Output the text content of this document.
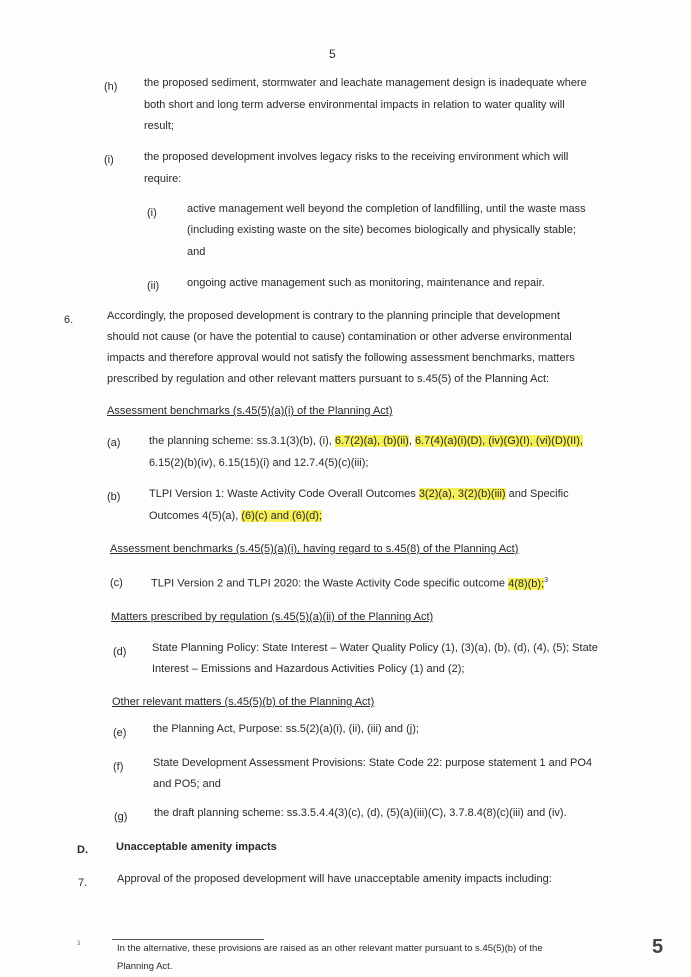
5
(h) the proposed sediment, stormwater and leachate management design is inadequate where
both short and long term adverse environmental impacts in relation to water quality will
result;
(i)	the proposed development involves legacy risks to the receiving environment which will
require:
(i)	active management well beyond the completion of landfilling, until the waste mass
(including existing waste on the site) becomes biologically and physically stable;
and
(ii)	ongoing active management such as monitoring, maintenance and repair.
6.	Accordingly, the proposed development is contrary to the planning principle that development
should not cause (or have the potential to cause) contamination or other adverse environmental
impacts and therefore approval would not satisfy the following assessment benchmarks, matters
prescribed by regulation and other relevant matters pursuant to s.45(5) of the Planning Act:
Assessment benchmarks (s.45(5)(a)(i) of the Planning Act)
(a)	the planning scheme: ss.3.1(3)(b), (i), 6.7(2)(a), (b)(ii), 6.7(4)(a)(i)(D), (iv)(G)(I), (vi)(D)(II),
6.15(2)(b)(iv), 6.15(15)(i) and 12.7.4(5)(c)(iii);
(b)	TLPI Version 1: Waste Activity Code Overall Outcomes 3(2)(a), 3(2)(b)(iii) and Specific
Outcomes 4(5)(a), (6)(c) and (6)(d);
Assessment benchmarks (s.45(5)(a)(i), having regard to s.45(8) of the Planning Act)
(c)	TLPI Version 2 and TLPI 2020: the Waste Activity Code specific outcome 4(8)(b);$^3$
Matters prescribed by regulation (s.45(5)(a)(ii) of the Planning Act)
(d) State Planning Policy: State Interest – Water Quality Policy (1), (3)(a), (b), (d), (4), (5); State
Interest – Emissions and Hazardous Activities Policy (1) and (2);
Other relevant matters (s.45(5)(b) of the Planning Act)
(e) the Planning Act, Purpose: ss.5(2)(a)(i), (ii), (iii) and (j);
(f)	State Development Assessment Provisions: State Code 22: purpose statement 1 and PO4
and PO5; and
(g) the draft planning scheme: ss.3.5.4.4(3)(c), (d), (5)(a)(iii)(C), 3.7.8.4(8)(c)(iii) and (iv).
D.	Unacceptable amenity impacts
7.	Approval of the proposed development will have unacceptable amenity impacts including:
3	In the alternative, these provisions are raised as an other relevant matter pursuant to s.45(5)(b) of the
Planning Act.
5
